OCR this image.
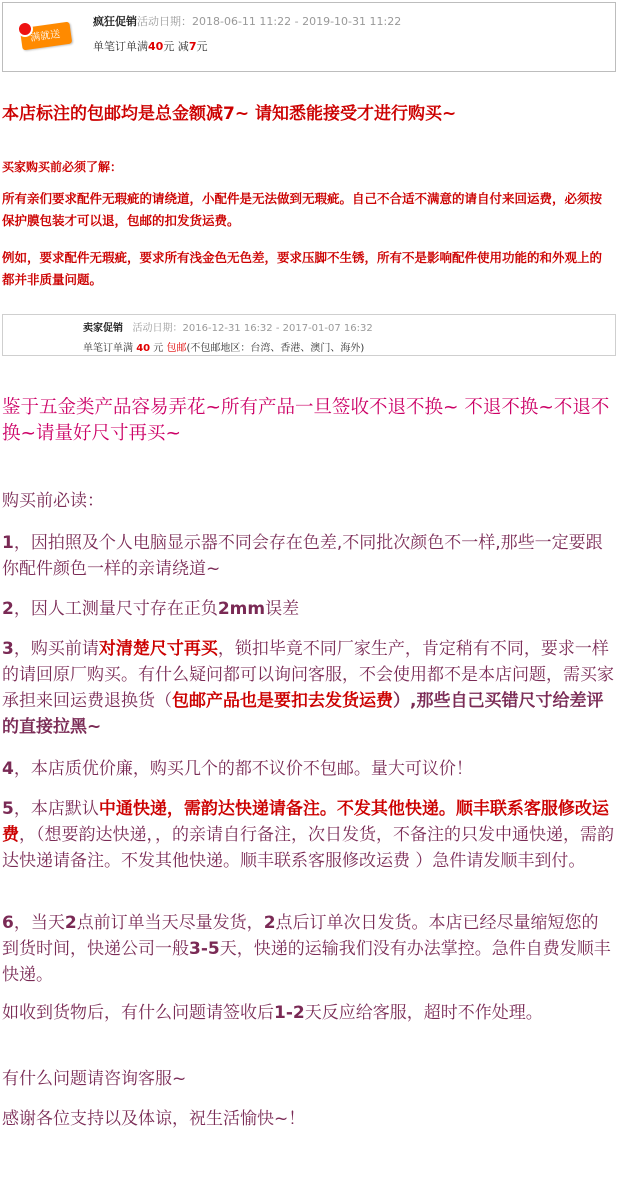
满就送
疯狂促销活动日期：2018-06-11 11:22 - 2019-10-31 11:22
单笔订单满40元 减7元
本店标注的包邮均是总金额减7~ 请知悉能接受才进行购买~
买家购买前必须了解：
所有亲们要求配件无瑕疵的请绕道，小配件是无法做到无瑕疵。自己不合适不满意的请自付来回运费，必须按保护膜包装才可以退，包邮的扣发货运费。
例如，要求配件无瑕疵，要求所有浅金色无色差，要求压脚不生锈，所有不是影响配件使用功能的和外观上的都并非质量问题。
卖家促销 活动日期：2016-12-31 16:32 - 2017-01-07 16:32
单笔订单满 40 元 包邮(不包邮地区：台湾、香港、澳门、海外)
鉴于五金类产品容易弄花~所有产品一旦签收不退不换~ 不退不换~不退不换~请量好尺寸再买~
购买前必读：
1，因拍照及个人电脑显示器不同会存在色差,不同批次颜色不一样,那些一定要跟你配件颜色一样的亲请绕道~
2，因人工测量尺寸存在正负2mm误差
3，购买前请对清楚尺寸再买，锁扣毕竟不同厂家生产，肯定稍有不同，要求一样的请回原厂购买。有什么疑问都可以询问客服，不会使用都不是本店问题，需买家承担来回运费退换货（包邮产品也是要扣去发货运费）,那些自己买错尺寸给差评的直接拉黑~
4，本店质优价廉，购买几个的都不议价不包邮。量大可议价！
5，本店默认中通快递，需韵达快递请备注。不发其他快递。顺丰联系客服修改运费，（想要韵达快递，，的亲请自行备注，次日发货，不备注的只发中通快递，需韵达快递请备注。不发其他快递。顺丰联系客服修改运费 ）急件请发顺丰到付。
6，当天2点前订单当天尽量发货，2点后订单次日发货。本店已经尽量缩短您的到货时间，快递公司一般3-5天，快递的运输我们没有办法掌控。急件自费发顺丰快递。
如收到货物后，有什么问题请签收后1-2天反应给客服，超时不作处理。
有什么问题请咨询客服~
感谢各位支持以及体谅，祝生活愉快~！
